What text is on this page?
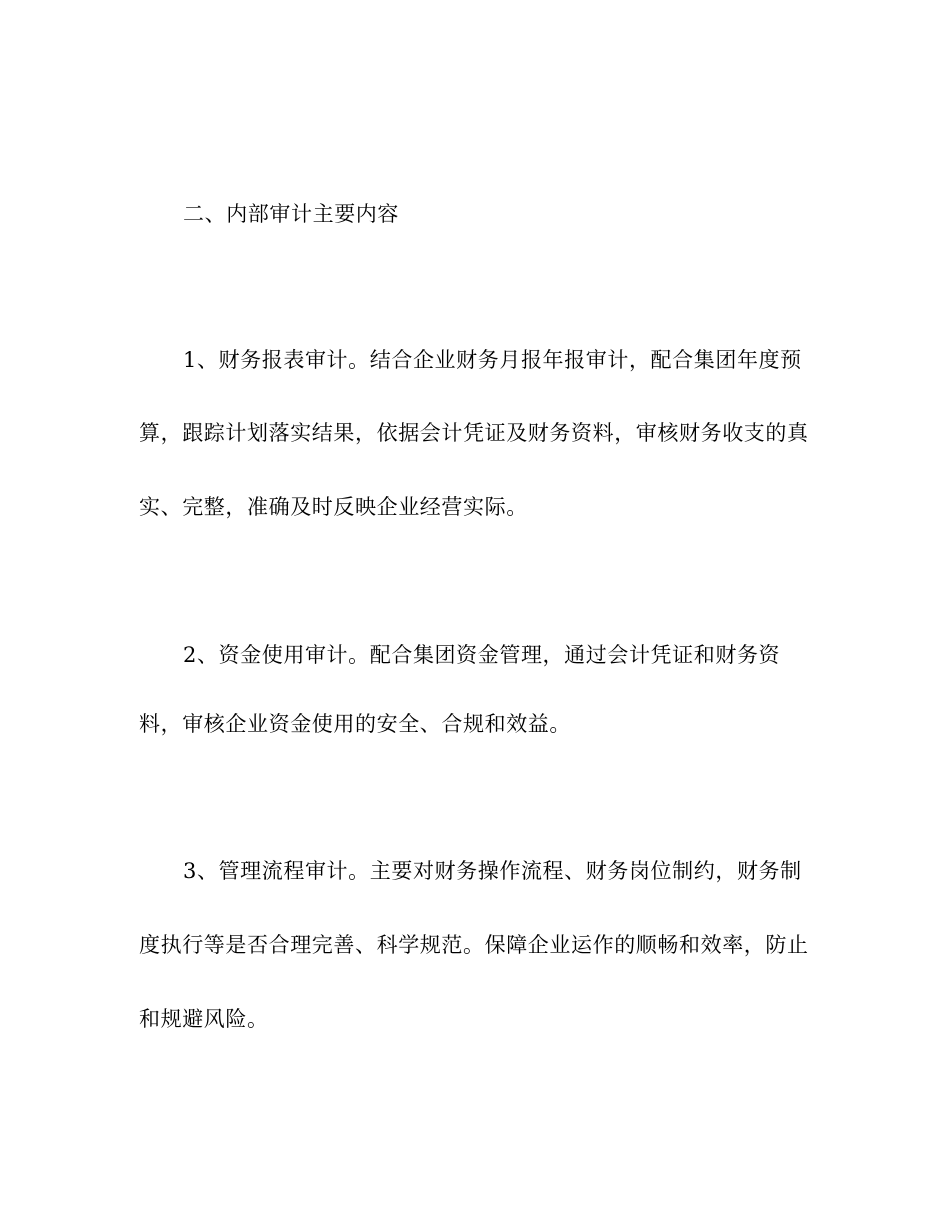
二、内部审计主要内容
1、财务报表审计。结合企业财务月报年报审计，配合集团年度预
算，跟踪计划落实结果，依据会计凭证及财务资料，审核财务收支的真
实、完整，准确及时反映企业经营实际。
2、资金使用审计。配合集团资金管理，通过会计凭证和财务资
料，审核企业资金使用的安全、合规和效益。
3、管理流程审计。主要对财务操作流程、财务岗位制约，财务制
度执行等是否合理完善、科学规范。保障企业运作的顺畅和效率，防止
和规避风险。
